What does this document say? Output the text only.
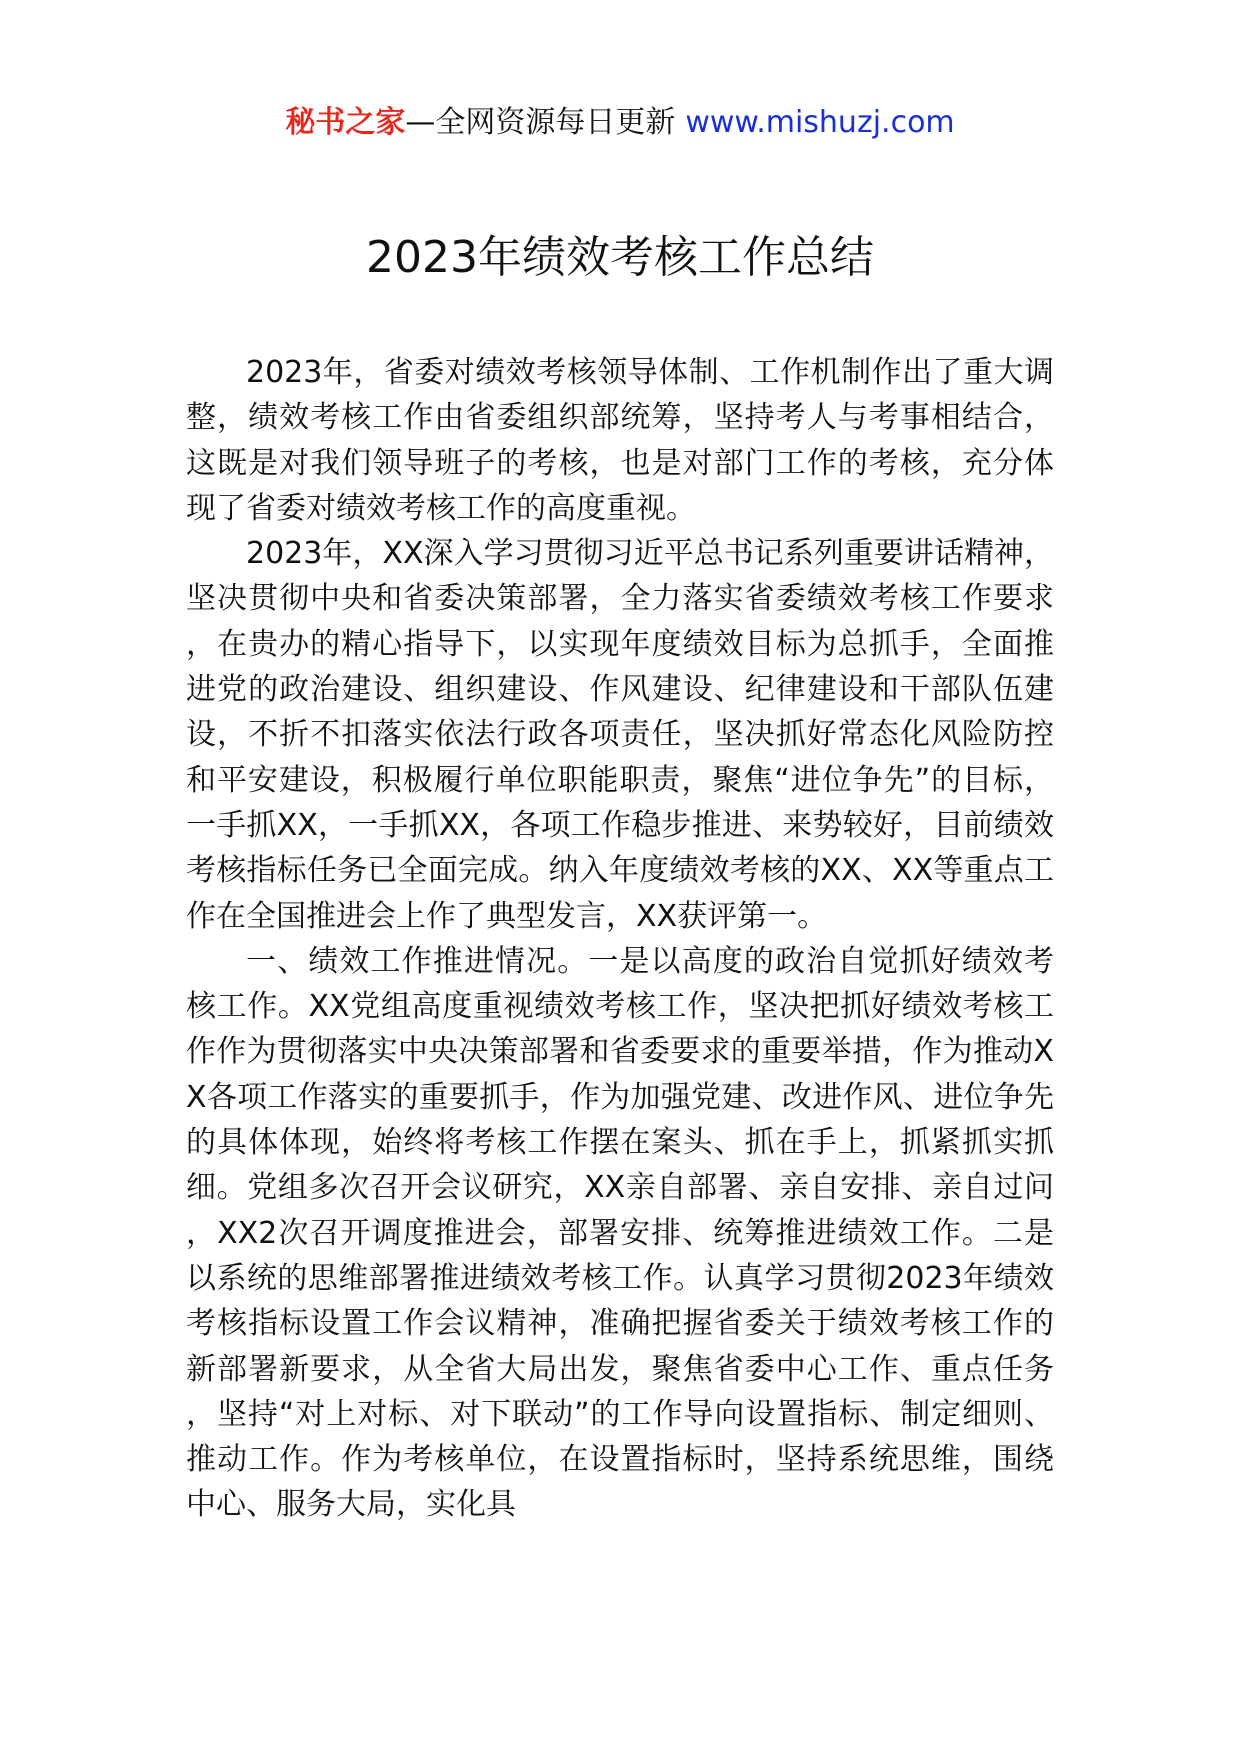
秘书之家—全网资源每日更新 www.mishuzj.com
2023年绩效考核工作总结

2023年，省委对绩效考核领导体制、工作机制作出了重大调整，绩效考核工作由省委组织部统筹，坚持考人与考事相结合，这既是对我们领导班子的考核，也是对部门工作的考核，充分体现了省委对绩效考核工作的高度重视。

2023年，XX深入学习贯彻习近平总书记系列重要讲话精神，坚决贯彻中央和省委决策部署，全力落实省委绩效考核工作要求，在贵办的精心指导下，以实现年度绩效目标为总抓手，全面推进党的政治建设、组织建设、作风建设、纪律建设和干部队伍建设，不折不扣落实依法行政各项责任，坚决抓好常态化风险防控和平安建设，积极履行单位职能职责，聚焦“进位争先”的目标，一手抓XX，一手抓XX，各项工作稳步推进、来势较好，目前绩效考核指标任务已全面完成。纳入年度绩效考核的XX、XX等重点工作在全国推进会上作了典型发言，XX获评第一。

一、绩效工作推进情况。一是以高度的政治自觉抓好绩效考核工作。XX党组高度重视绩效考核工作，坚决把抓好绩效考核工作作为贯彻落实中央决策部署和省委要求的重要举措，作为推动XX各项工作落实的重要抓手，作为加强党建、改进作风、进位争先的具体体现，始终将考核工作摆在案头、抓在手上，抓紧抓实抓细。党组多次召开会议研究，XX亲自部署、亲自安排、亲自过问，XX2次召开调度推进会，部署安排、统筹推进绩效工作。二是以系统的思维部署推进绩效考核工作。认真学习贯彻2023年绩效考核指标设置工作会议精神，准确把握省委关于绩效考核工作的新部署新要求，从全省大局出发，聚焦省委中心工作、重点任务，坚持“对上对标、对下联动”的工作导向设置指标、制定细则、推动工作。作为考核单位，在设置指标时，坚持系统思维，围绕中心、服务大局，实化具
